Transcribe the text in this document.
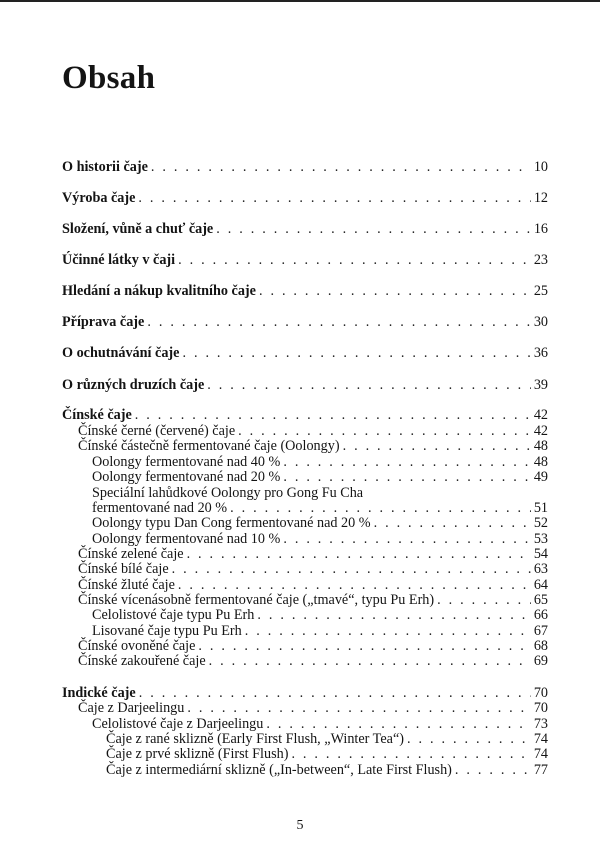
Obsah
O historii čaje . . .	10
Výroba čaje . . .	12
Složení, vůně a chuť čaje . . .	16
Účinné látky v čaji . . .	23
Hledání a nákup kvalitního čaje . . .	25
Příprava čaje . . .	30
O ochutnávání čaje . . .	36
O různých druzích čaje . . .	39
Čínské čaje . . .	42
Čínské černé (červené) čaje . . .	42
Čínské částečně fermentované čaje (Oolongy) . . .	48
Oolongy fermentované nad 40 % . . .	48
Oolongy fermentované nad 20 % . . .	49
Speciální lahůdkové Oolongy pro Gong Fu Cha
fermentované nad 20 % . . .	51
Oolongy typu Dan Cong fermentované nad 20 % . . .	52
Oolongy fermentované nad 10 % . . .	53
Čínské zelené čaje . . .	54
Čínské bílé čaje . . .	63
Čínské žluté čaje . . .	64
Čínské vícenásobně fermentované čaje („tmavé“, typu Pu Erh) . . .	65
Celolistové čaje typu Pu Erh . . .	66
Lisované čaje typu Pu Erh . . .	67
Čínské ovoněné čaje . . .	68
Čínské zakouřené čaje . . .	69
Indické čaje . . .	70
Čaje z Darjeelingu . . .	70
Celolistové čaje z Darjeelingu . . .	73
Čaje z rané sklizně (Early First Flush, „Winter Tea“) . . .	74
Čaje z prvé sklizně (First Flush) . . .	74
Čaje z intermediární sklizně („In-between“, Late First Flush) . . .	77
5
